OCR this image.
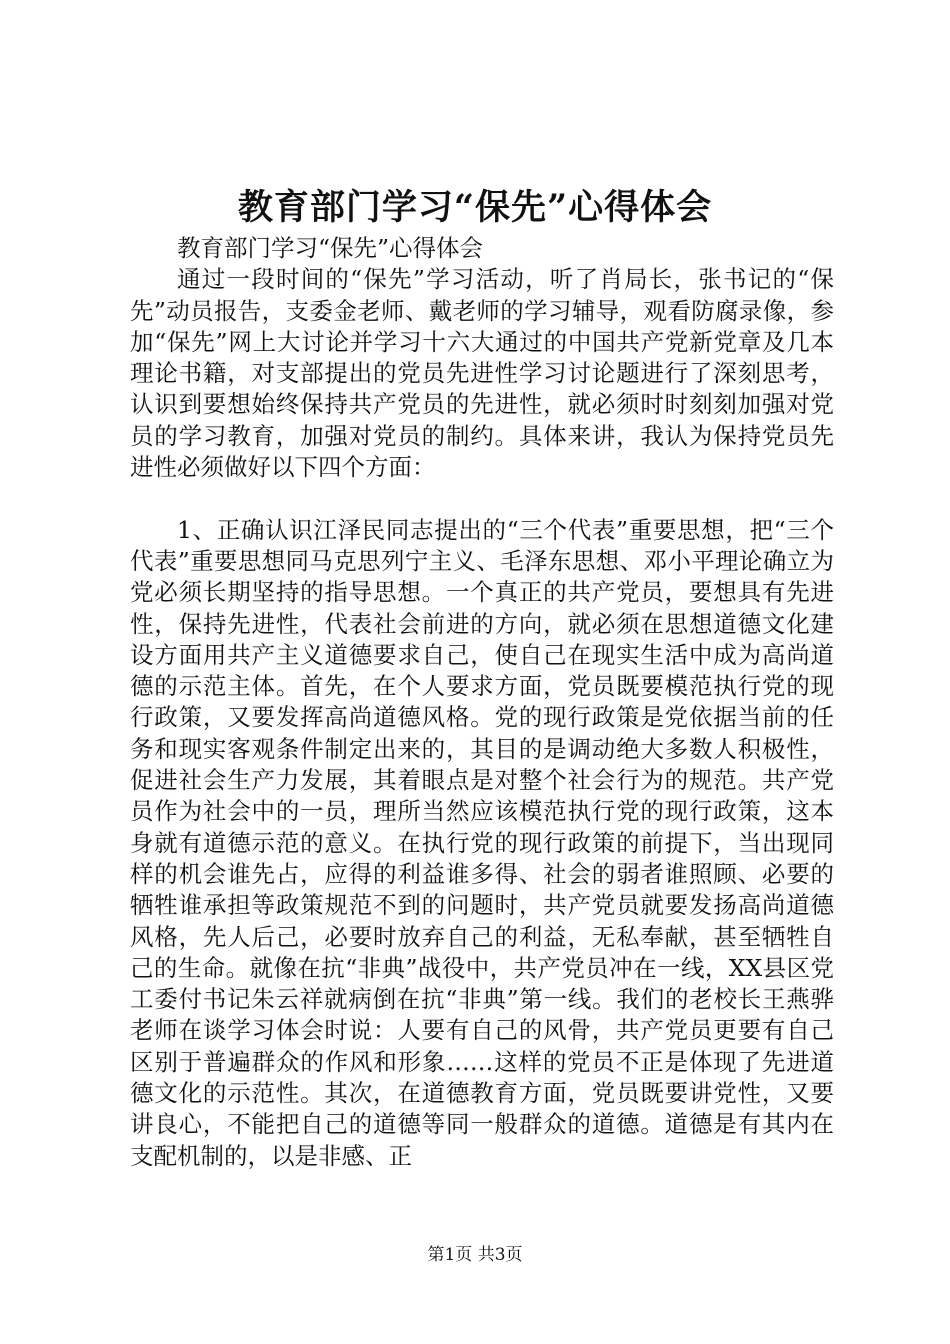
教育部门学习“保先”心得体会

教育部门学习“保先”心得体会

通过一段时间的“保先”学习活动，听了肖局长，张书记的“保先”动员报告，支委金老师、戴老师的学习辅导，观看防腐录像，参加“保先”网上大讨论并学习十六大通过的中国共产党新党章及几本理论书籍，对支部提出的党员先进性学习讨论题进行了深刻思考，认识到要想始终保持共产党员的先进性，就必须时时刻刻加强对党员的学习教育，加强对党员的制约。具体来讲，我认为保持党员先进性必须做好以下四个方面：

1、正确认识江泽民同志提出的“三个代表”重要思想，把“三个代表”重要思想同马克思列宁主义、毛泽东思想、邓小平理论确立为党必须长期坚持的指导思想。一个真正的共产党员，要想具有先进性，保持先进性，代表社会前进的方向，就必须在思想道德文化建设方面用共产主义道德要求自己，使自己在现实生活中成为高尚道德的示范主体。首先，在个人要求方面，党员既要模范执行党的现行政策，又要发挥高尚道德风格。党的现行政策是党依据当前的任务和现实客观条件制定出来的，其目的是调动绝大多数人积极性，促进社会生产力发展，其着眼点是对整个社会行为的规范。共产党员作为社会中的一员，理所当然应该模范执行党的现行政策，这本身就有道德示范的意义。在执行党的现行政策的前提下，当出现同样的机会谁先占，应得的利益谁多得、社会的弱者谁照顾、必要的牺牲谁承担等政策规范不到的问题时，共产党员就要发扬高尚道德风格，先人后己，必要时放弃自己的利益，无私奉献，甚至牺牲自己的生命。就像在抗“非典”战役中，共产党员冲在一线，XX县区党工委付书记朱云祥就病倒在抗“非典”第一线。我们的老校长王燕骅老师在谈学习体会时说：人要有自己的风骨，共产党员更要有自己区别于普遍群众的作风和形象……这样的党员不正是体现了先进道德文化的示范性。其次，在道德教育方面，党员既要讲党性，又要讲良心，不能把自己的道德等同一般群众的道德。道德是有其内在支配机制的，以是非感、正

第1页 共3页
